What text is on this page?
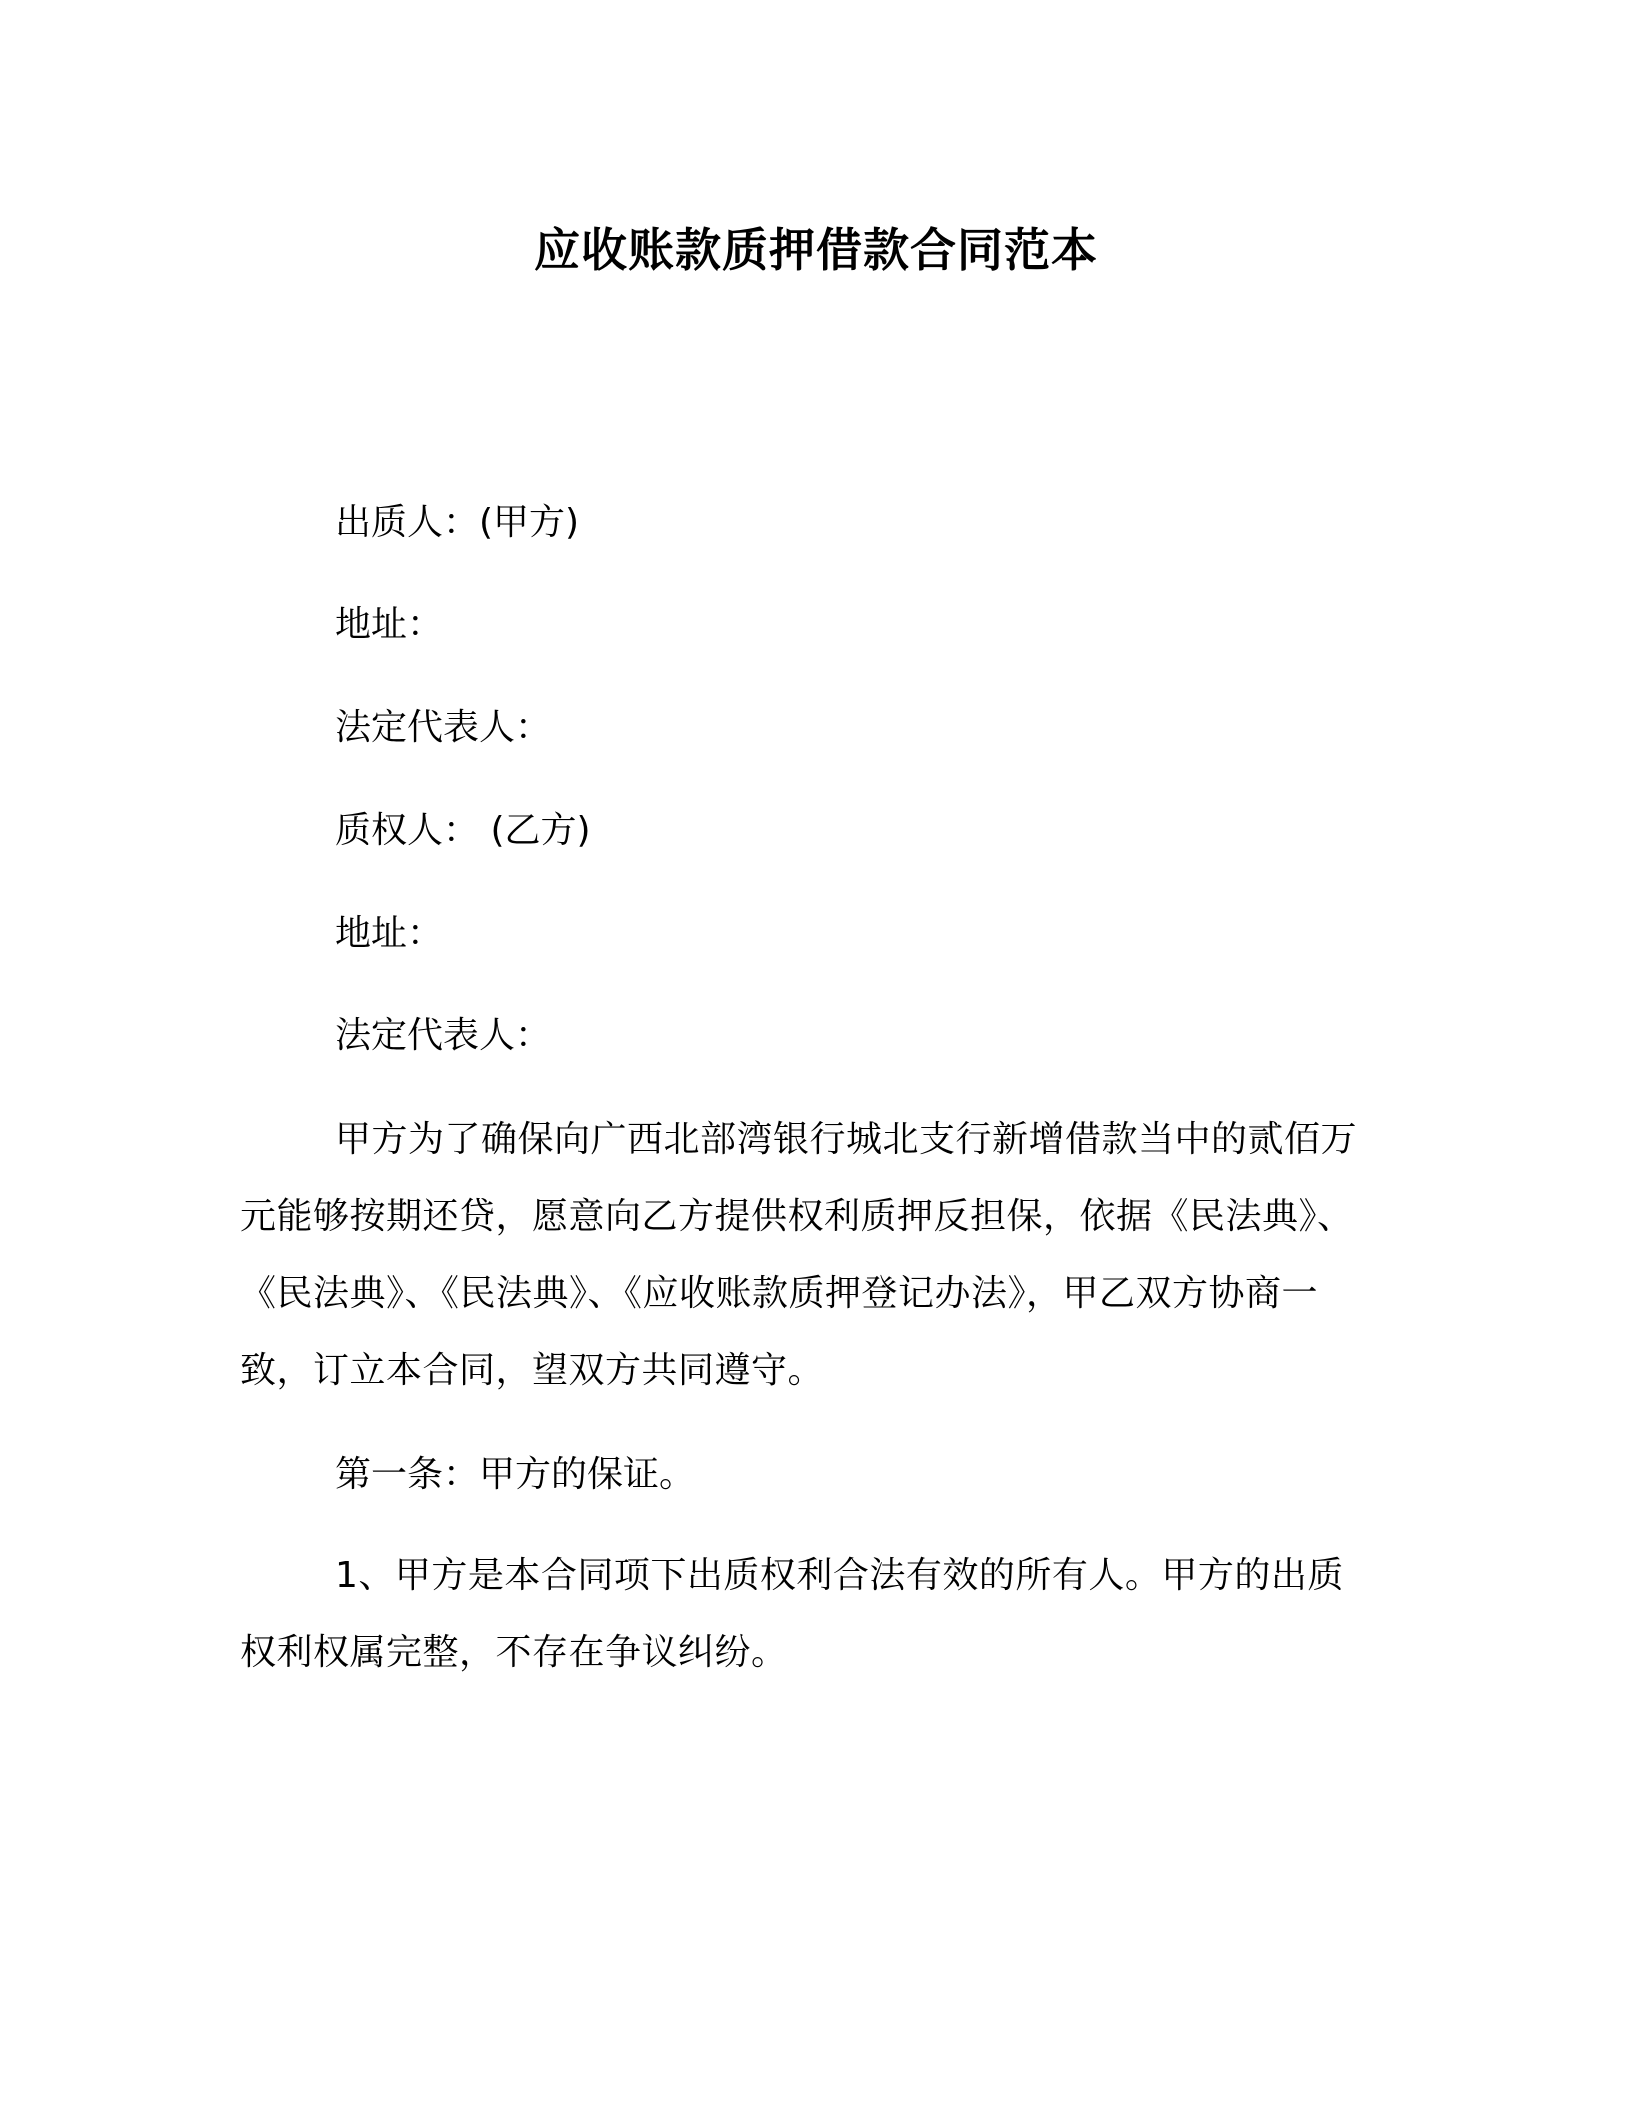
应收账款质押借款合同范本
出质人：(甲方)
地址：
法定代表人：
质权人： (乙方)
地址：
法定代表人：
甲方为了确保向广西北部湾银行城北支行新增借款当中的贰佰万元能够按期还贷，愿意向乙方提供权利质押反担保，依据《民法典》、《民法典》、《民法典》、《应收账款质押登记办法》，甲乙双方协商一致，订立本合同，望双方共同遵守。
第一条：甲方的保证。
1、甲方是本合同项下出质权利合法有效的所有人。甲方的出质权利权属完整，不存在争议纠纷。
